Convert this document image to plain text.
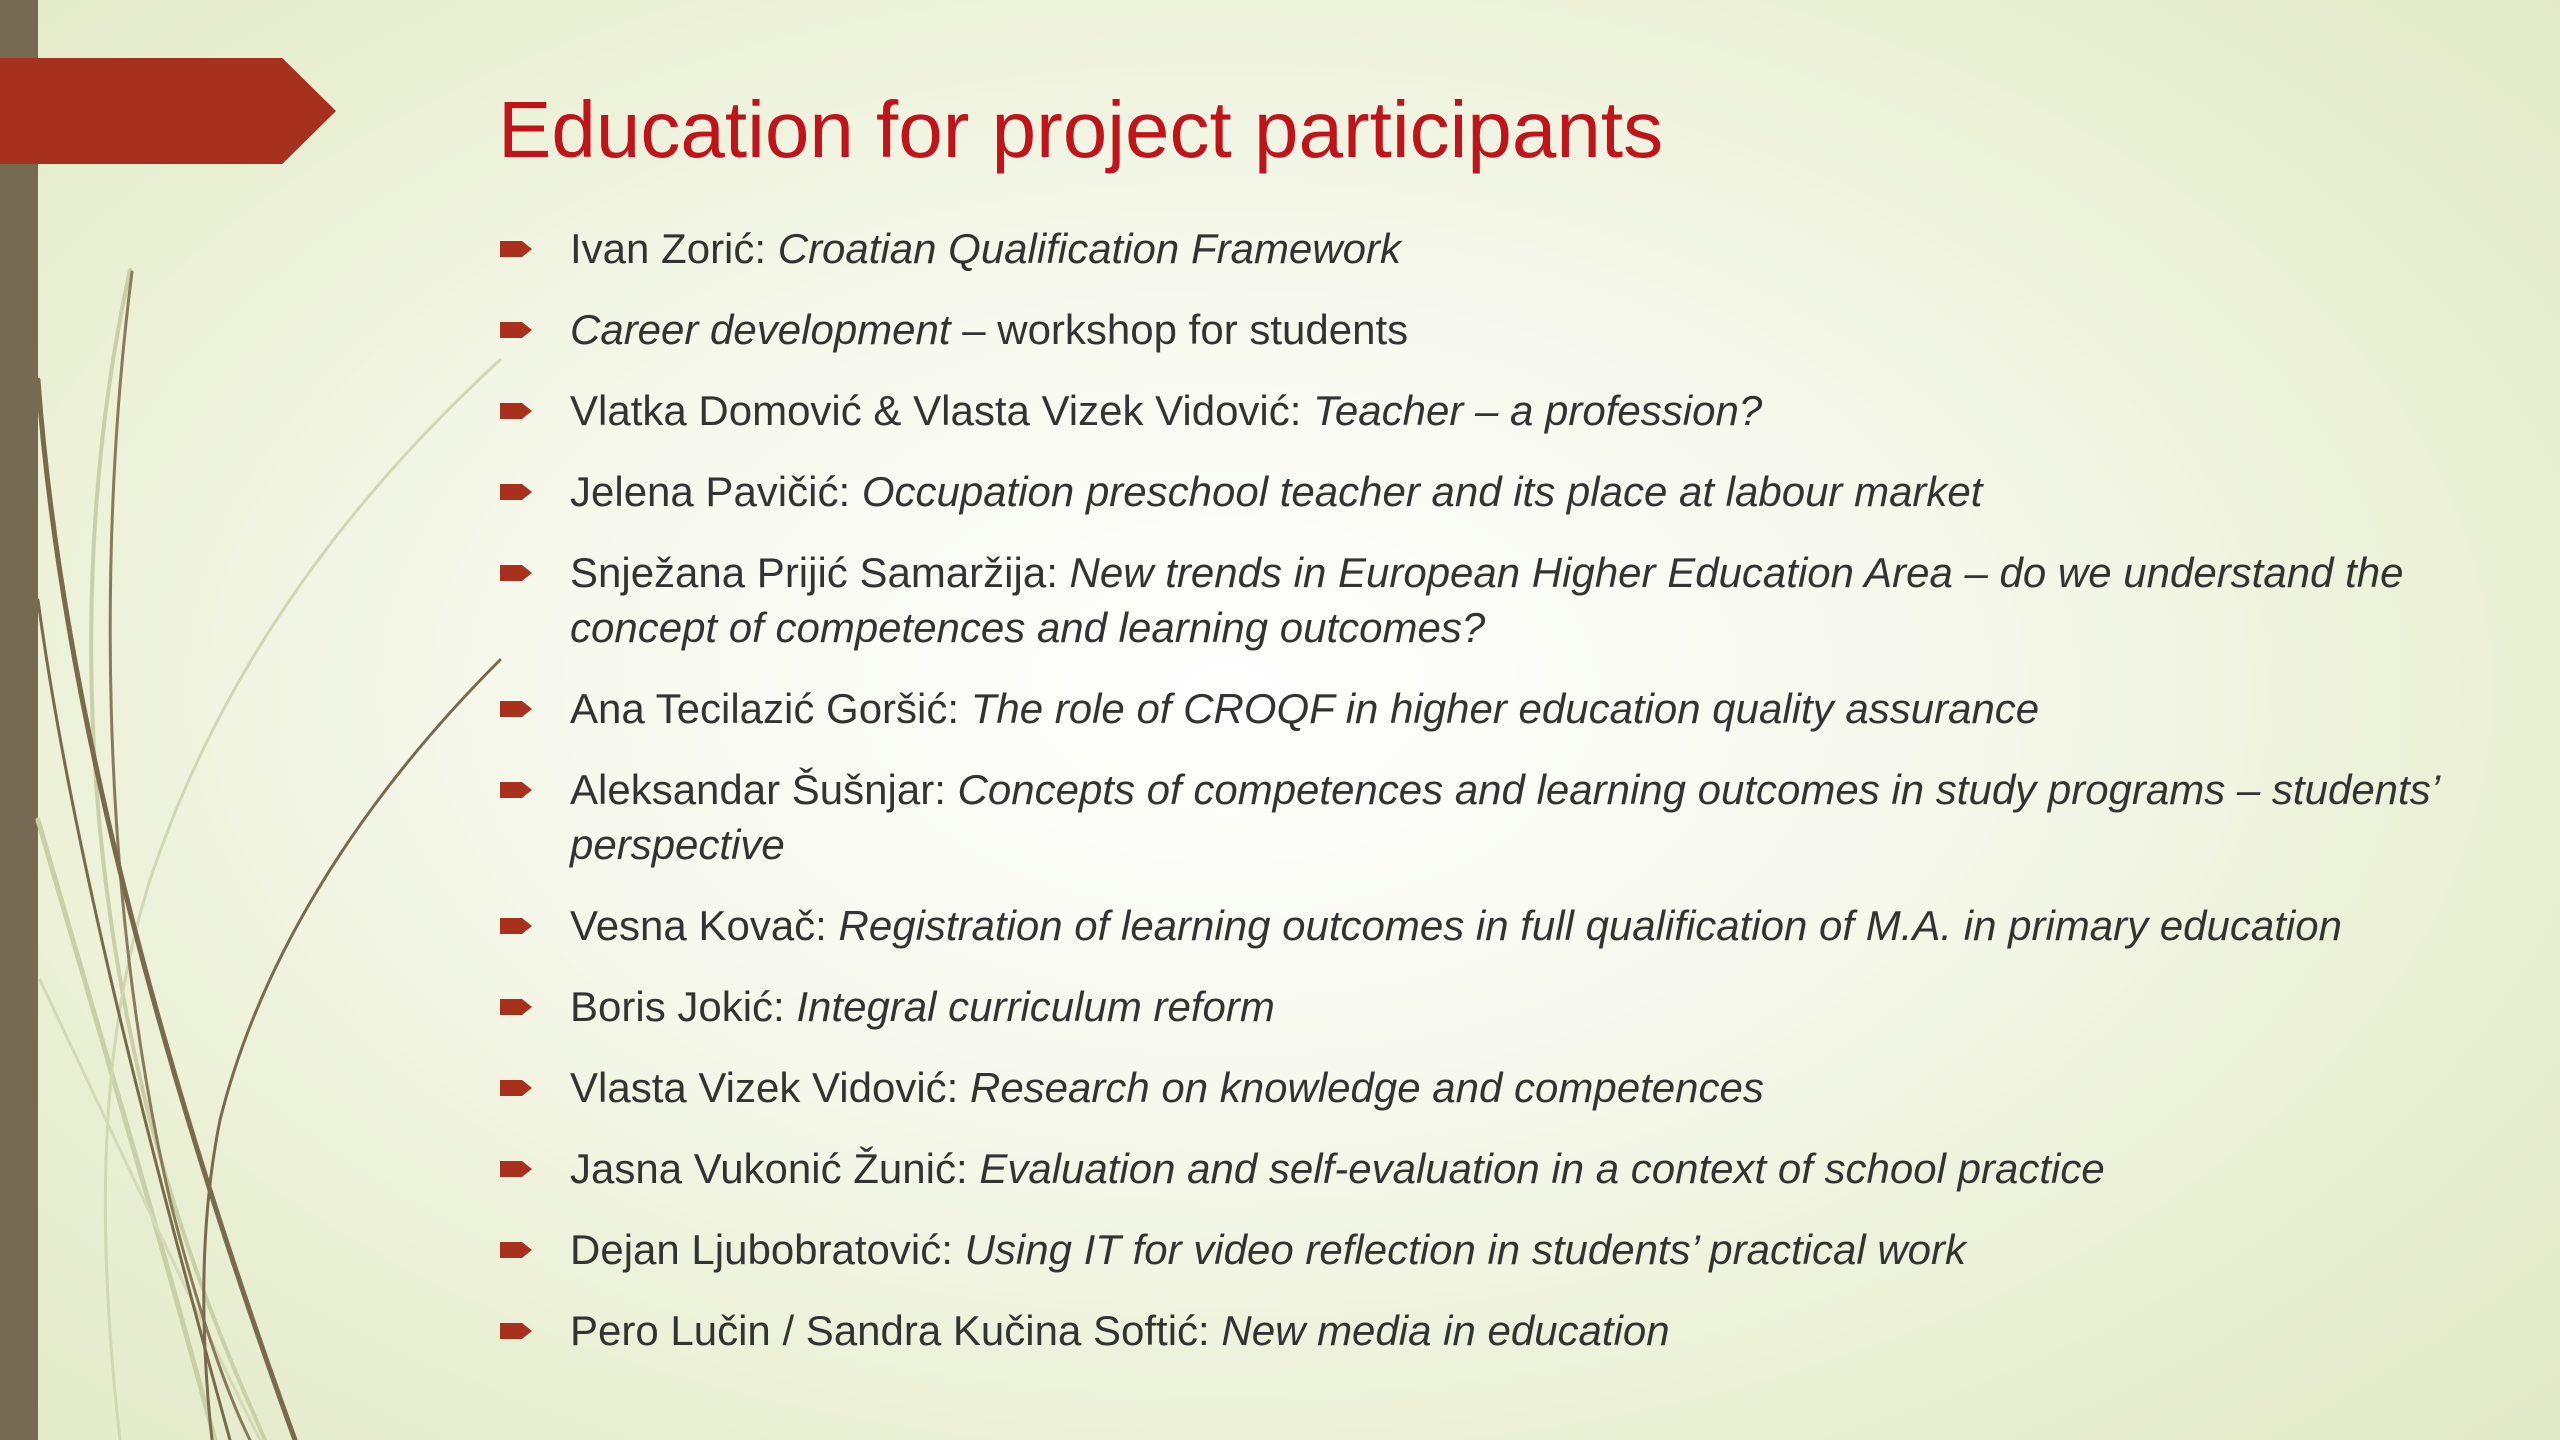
Education for project participants
Ivan Zorić: Croatian Qualification Framework
Career development – workshop for students
Vlatka Domović & Vlasta Vizek Vidović: Teacher – a profession?
Jelena Pavičić: Occupation preschool teacher and its place at labour market
Snježana Prijić Samaržija: New trends in European Higher Education Area – do we understand the concept of competences and learning outcomes?
Ana Tecilazić Goršić: The role of CROQF in higher education quality assurance
Aleksandar Šušnjar: Concepts of competences and learning outcomes in study programs – students’ perspective
Vesna Kovač: Registration of learning outcomes in full qualification of M.A. in primary education
Boris Jokić: Integral curriculum reform
Vlasta Vizek Vidović: Research on knowledge and competences
Jasna Vukonić Žunić: Evaluation and self-evaluation in a context of school practice
Dejan Ljubobratović: Using IT for video reflection in students’ practical work
Pero Lučin / Sandra Kučina Softić: New media in education
